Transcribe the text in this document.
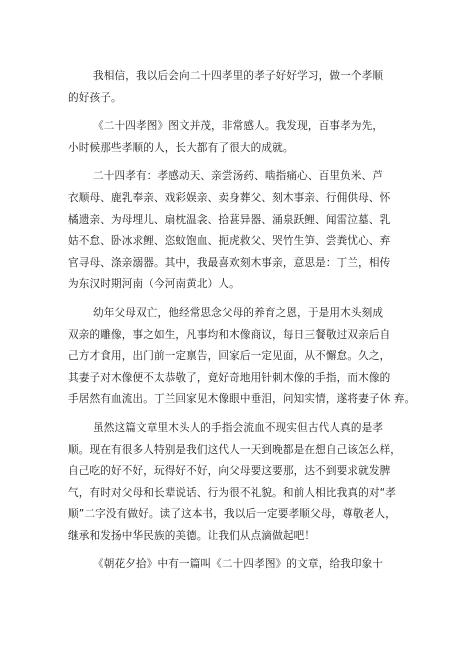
我相信，我以后会向二十四孝里的孝子好好学习，做一个孝顺
的好孩子。
《二十四孝图》图文并茂，非常感人。我发现，百事孝为先，
小时候那些孝顺的人，长大都有了很大的成就。
二十四孝有：孝感动天、亲尝汤药、啮指痛心、百里负米、芦
衣顺母、鹿乳奉亲、戏彩娱亲、卖身葬父、刻木事亲、行佣供母、怀
橘遗亲、为母埋儿、扇枕温衾、拾葚异器、涌泉跃鲤、闻雷泣墓、乳
姑不怠、卧冰求鲤、恣蚊饱血、扼虎救父、哭竹生笋、尝粪忧心、弃
官寻母、涤亲溺器。其中，我最喜欢刻木事亲，意思是：丁兰，相传
为东汉时期河南（今河南黄北）人。
幼年父母双亡，他经常思念父母的养育之恩，于是用木头刻成
双亲的雕像，事之如生，凡事均和木像商议，每日三餐敬过双亲后自
己方才食用，出门前一定禀告，回家后一定见面，从不懈怠。久之，
其妻子对木像便不太恭敬了，竟好奇地用针刺木像的手指，而木像的
手居然有血流出。丁兰回家见木像眼中垂泪，问知实情，遂将妻子休 弃。
虽然这篇文章里木头人的手指会流血不现实但古代人真的是孝
顺。现在有很多人特别是我们这代人一天到晚都是在想自己该怎么样，
自己吃的好不好，玩得好不好，向父母要这要那，达不到要求就发脾
气，有时对父母和长辈说话、行为很不礼貌。和前人相比我真的对“孝
顺”二字没有做好。读了这本书，我以后一定要孝顺父母，尊敬老人，
继承和发扬中华民族的美德。让我们从点滴做起吧！
《朝花夕拾》中有一篇叫《二十四孝图》的文章，给我印象十
